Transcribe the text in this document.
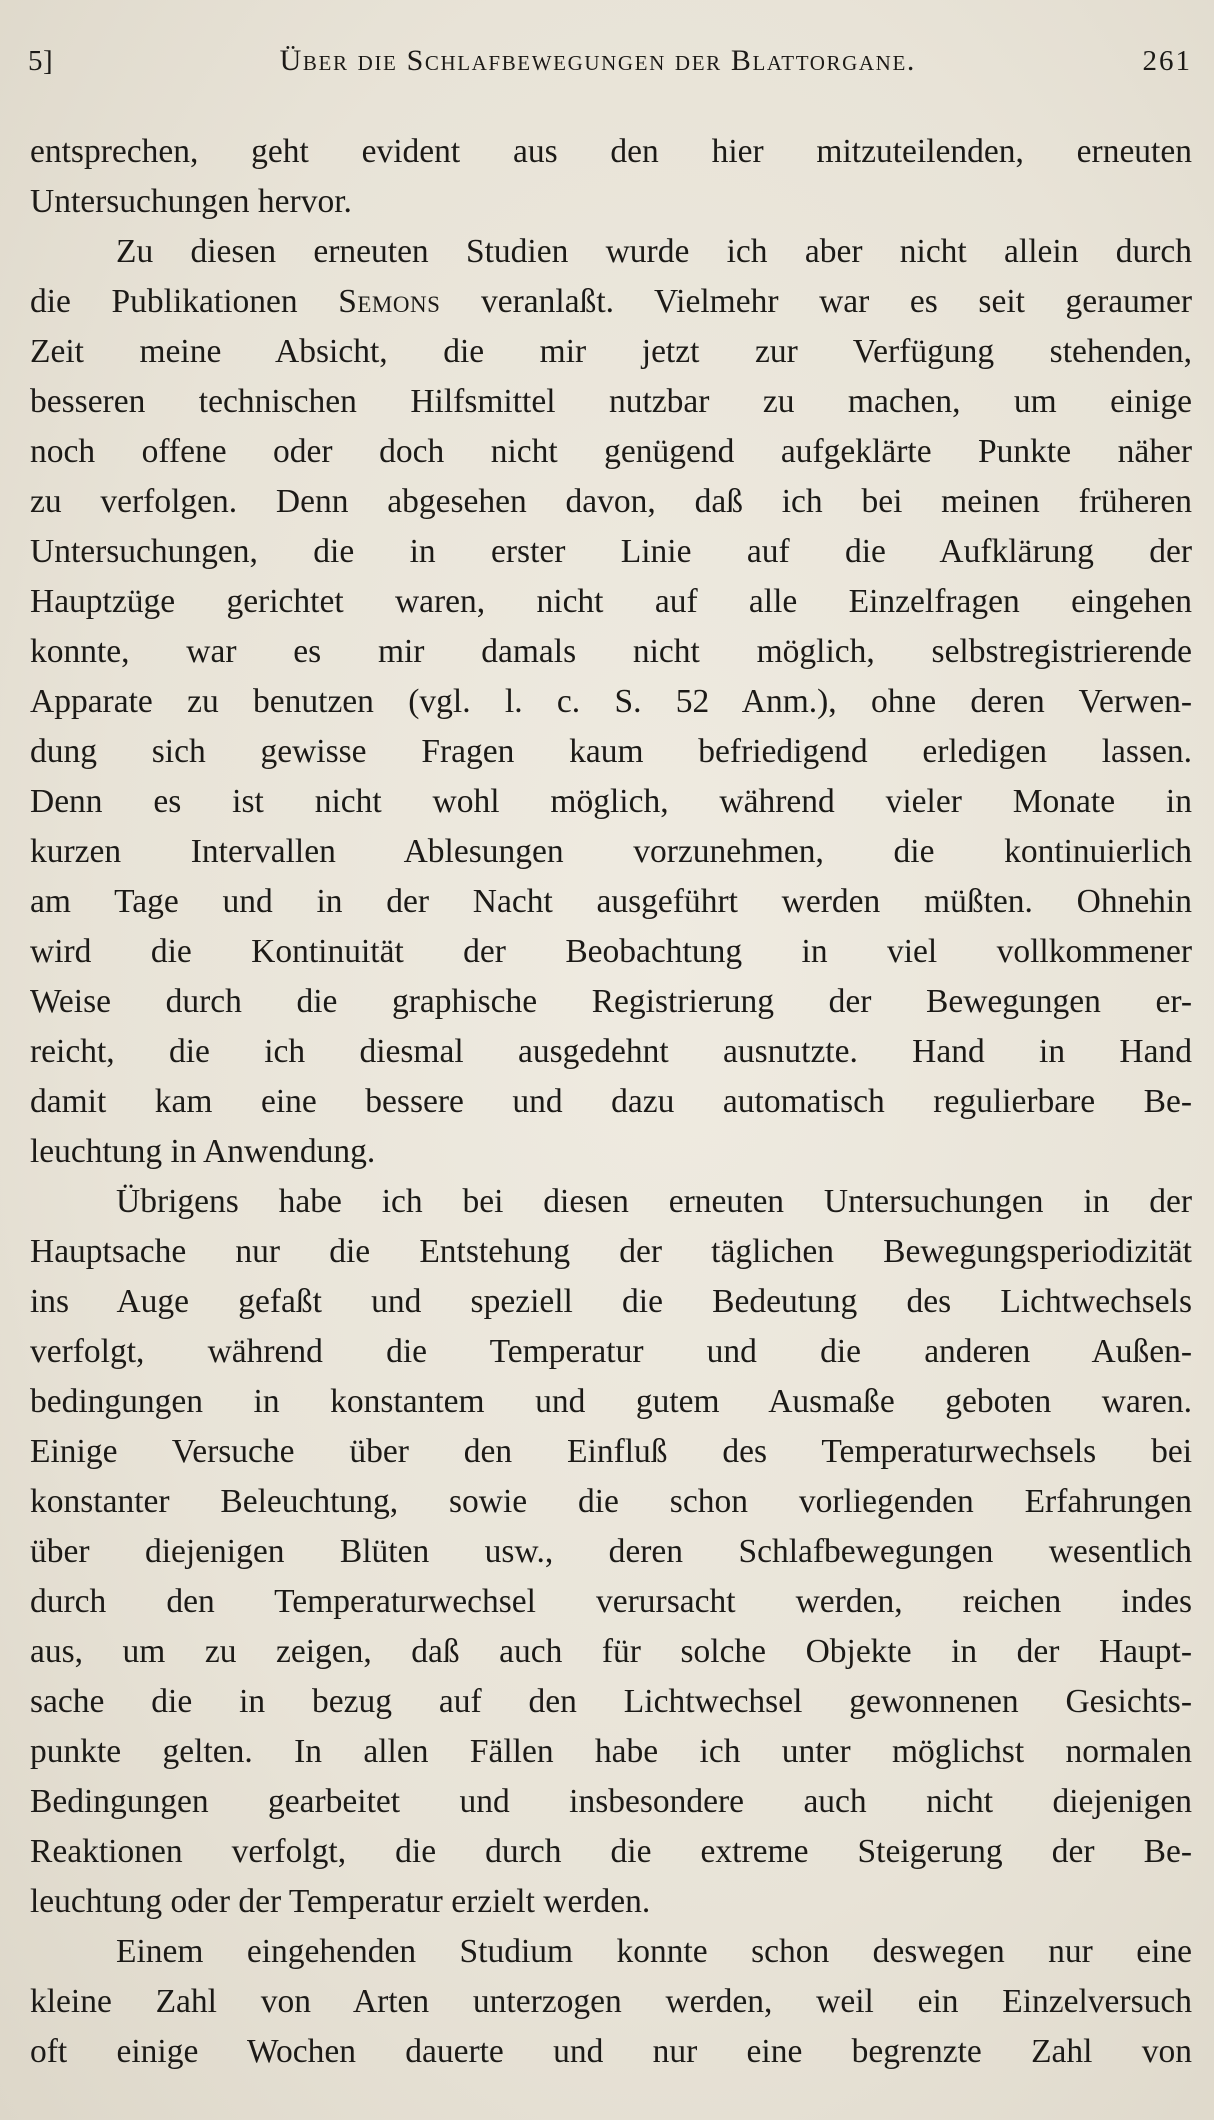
5]	Über die Schlafbewegungen der Blattorgane.	261
entsprechen, geht evident aus den hier mitzuteilenden, erneuten
Untersuchungen hervor.
Zu diesen erneuten Studien wurde ich aber nicht allein durch
die Publikationen Semons veranlaßt. Vielmehr war es seit geraumer
Zeit meine Absicht, die mir jetzt zur Verfügung stehenden,
besseren technischen Hilfsmittel nutzbar zu machen, um einige
noch offene oder doch nicht genügend aufgeklärte Punkte näher
zu verfolgen. Denn abgesehen davon, daß ich bei meinen früheren
Untersuchungen, die in erster Linie auf die Aufklärung der
Hauptzüge gerichtet waren, nicht auf alle Einzelfragen eingehen
konnte, war es mir damals nicht möglich, selbstregistrierende
Apparate zu benutzen (vgl. l. c. S. 52 Anm.), ohne deren Verwen-
dung sich gewisse Fragen kaum befriedigend erledigen lassen.
Denn es ist nicht wohl möglich, während vieler Monate in
kurzen Intervallen Ablesungen vorzunehmen, die kontinuierlich
am Tage und in der Nacht ausgeführt werden müßten. Ohnehin
wird die Kontinuität der Beobachtung in viel vollkommener
Weise durch die graphische Registrierung der Bewegungen er-
reicht, die ich diesmal ausgedehnt ausnutzte. Hand in Hand
damit kam eine bessere und dazu automatisch regulierbare Be-
leuchtung in Anwendung.
Übrigens habe ich bei diesen erneuten Untersuchungen in der
Hauptsache nur die Entstehung der täglichen Bewegungsperiodizität
ins Auge gefaßt und speziell die Bedeutung des Lichtwechsels
verfolgt, während die Temperatur und die anderen Außen-
bedingungen in konstantem und gutem Ausmaße geboten waren.
Einige Versuche über den Einfluß des Temperaturwechsels bei
konstanter Beleuchtung, sowie die schon vorliegenden Erfahrungen
über diejenigen Blüten usw., deren Schlafbewegungen wesentlich
durch den Temperaturwechsel verursacht werden, reichen indes
aus, um zu zeigen, daß auch für solche Objekte in der Haupt-
sache die in bezug auf den Lichtwechsel gewonnenen Gesichts-
punkte gelten. In allen Fällen habe ich unter möglichst normalen
Bedingungen gearbeitet und insbesondere auch nicht diejenigen
Reaktionen verfolgt, die durch die extreme Steigerung der Be-
leuchtung oder der Temperatur erzielt werden.
Einem eingehenden Studium konnte schon deswegen nur eine
kleine Zahl von Arten unterzogen werden, weil ein Einzelversuch
oft einige Wochen dauerte und nur eine begrenzte Zahl von
